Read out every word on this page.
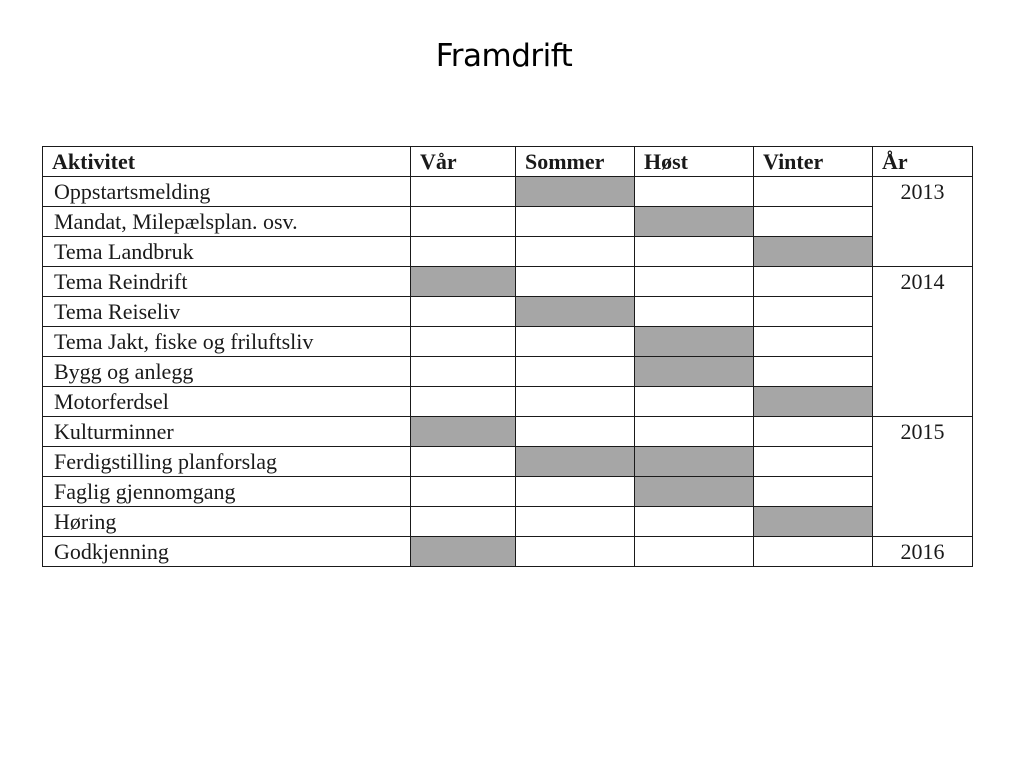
Framdrift
Aktivitet	Vår	Sommer	Høst	Vinter	År
Oppstartsmelding					2013
Mandat, Milepælsplan. osv.					
Tema Landbruk					
Tema Reindrift					2014
Tema Reiseliv					
Tema Jakt, fiske og friluftsliv					
Bygg og anlegg					
Motorferdsel					
Kulturminner					2015
Ferdigstilling planforslag					
Faglig gjennomgang					
Høring					
Godkjenning					2016
